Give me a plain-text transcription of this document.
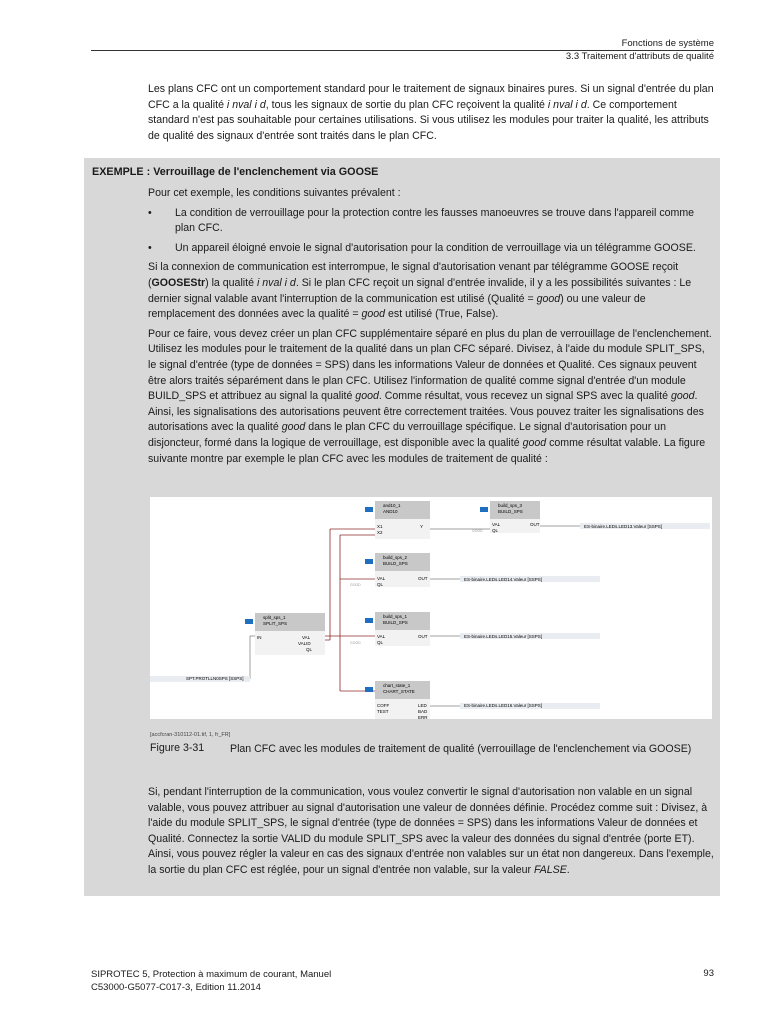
Fonctions de système
3.3 Traitement d'attributs de qualité
Les plans CFC ont un comportement standard pour le traitement de signaux binaires pures. Si un signal d'entrée du plan CFC a la qualité i nval i d, tous les signaux de sortie du plan CFC reçoivent la qualité i nval i d. Ce comportement standard n'est pas souhaitable pour certaines utilisations. Si vous utilisez les modules pour traiter la qualité, les attributs de qualité des signaux d'entrée sont traités dans le plan CFC.
EXEMPLE : Verrouillage de l'enclenchement via GOOSE

Pour cet exemple, les conditions suivantes prévalent :

• La condition de verrouillage pour la protection contre les fausses manoeuvres se trouve dans l'appareil comme plan CFC.
• Un appareil éloigné envoie le signal d'autorisation pour la condition de verrouillage via un télégramme GOOSE.

Si la connexion de communication est interrompue, le signal d'autorisation venant par télégramme GOOSE reçoit (GOOSEStr) la qualité i nval i d. Si le plan CFC reçoit un signal d'entrée invalide, il y a les possibilités suivantes : Le dernier signal valable avant l'interruption de la communication est utilisé (Qualité = good) ou une valeur de remplacement des données avec la qualité = good est utilisé (True, False).

Pour ce faire, vous devez créer un plan CFC supplémentaire séparé en plus du plan de verrouillage de l'enclenchement. Utilisez les modules pour le traitement de la qualité dans un plan CFC séparé. Divisez, à l'aide du module SPLIT_SPS, le signal d'entrée (type de données = SPS) dans les informations Valeur de données et Qualité. Ces signaux peuvent être alors traités séparément dans le plan CFC. Utilisez l'information de qualité comme signal d'entrée d'un module BUILD_SPS et attribuez au signal la qualité good. Comme résultat, vous recevez un signal SPS avec la qualité good. Ainsi, les signalisations des autorisations peuvent être correctement traitées. Vous pouvez traiter les signalisations des autorisations avec la qualité good dans le plan CFC du verrouillage spécifique. Le signal d'autorisation pour un disjoncteur, formé dans la logique de verrouillage, est disponible avec la qualité good comme résultat valable. La figure suivante montre par exemple le plan CFC avec les modules de traitement de qualité :

and10_1
AND10
X1
X2
Y
build_sps_3
BUILD_SPS
VAL
QL
OUT
GOOD
ES-binaire.LEDs.LED13.Valeur [SSPS]
build_sps_2
BUILD_SPS
VAL
QL
OUT
GOOD
ES-binaire.LEDs.LED14.Valeur [SSPS]
build_sps_1
BUILD_SPS
VAL
QL
OUT
GOOD
ES-binaire.LEDs.LED15.Valeur [SSPS]
split_sps_1
SPLIT_SPS
IN	VAL
VALID
QL
SPT.PROTLLN0SPS [SSPS]
chart_state_1
CHART_STATE
COFF
TEST
LED
BAD
ERR
ES-binaire.LEDs.LED16.Valeur [SSPS]
[accfcran-310112-01.tif, 1, fr_FR]
Figure 3-31 Plan CFC avec les modules de traitement de qualité (verrouillage de l'enclenchement via GOOSE)
Si, pendant l'interruption de la communication, vous voulez convertir le signal d'autorisation non valable en un signal valable, vous pouvez attribuer au signal d'autorisation une valeur de données définie. Procédez comme suit : Divisez, à l'aide du module SPLIT_SPS, le signal d'entrée (type de données = SPS) dans les informations Valeur de données et Qualité. Connectez la sortie VALID du module SPLIT_SPS avec la valeur des données du signal d'entrée (porte ET). Ainsi, vous pouvez régler la valeur en cas des signaux d'entrée non valables sur un état non dangereux. Dans l'exemple, la sortie du plan CFC est réglée, pour un signal d'entrée non valable, sur la valeur FALSE.
SIPROTEC 5, Protection à maximum de courant, Manuel
C53000-G5077-C017-3, Edition 11.2014
93
